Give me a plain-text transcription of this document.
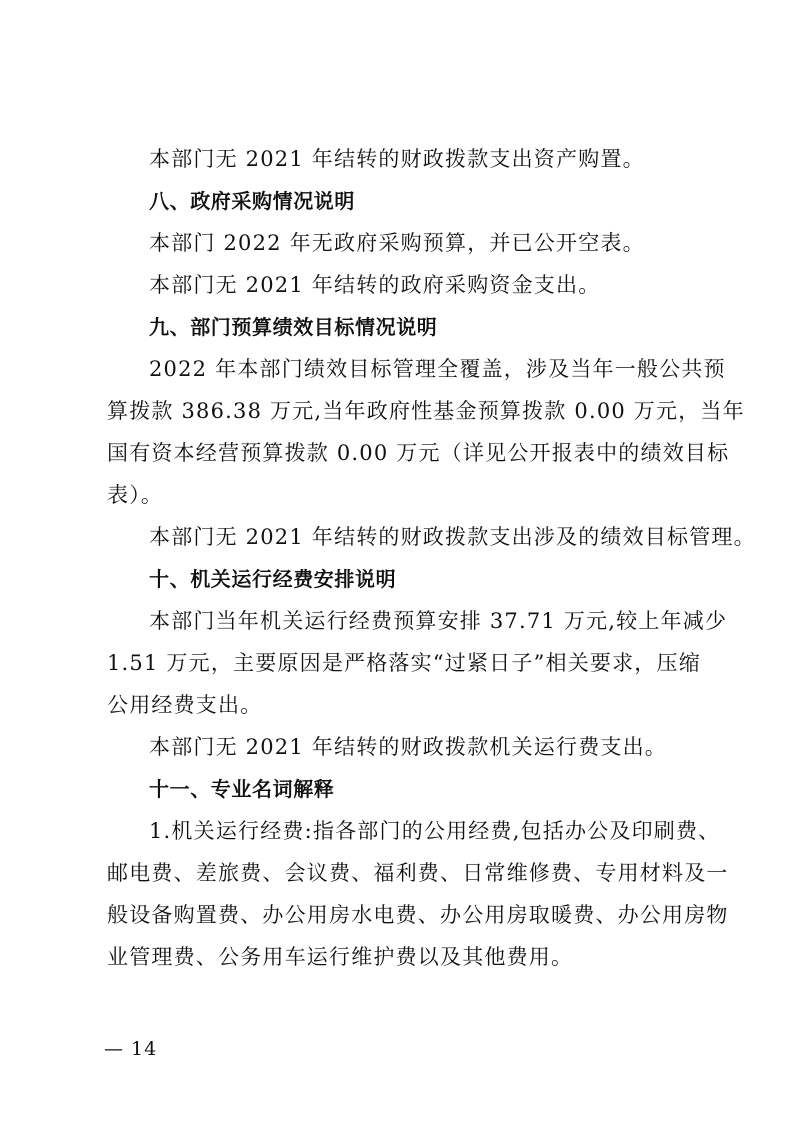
本部门无 2021 年结转的财政拨款支出资产购置。
八、政府采购情况说明
本部门 2022 年无政府采购预算，并已公开空表。
本部门无 2021 年结转的政府采购资金支出。
九、部门预算绩效目标情况说明
2022 年本部门绩效目标管理全覆盖，涉及当年一般公共预
算拨款 386.38 万元,当年政府性基金预算拨款 0.00 万元，当年
国有资本经营预算拨款 0.00 万元（详见公开报表中的绩效目标
表）。
本部门无 2021 年结转的财政拨款支出涉及的绩效目标管理。
十、机关运行经费安排说明
本部门当年机关运行经费预算安排 37.71 万元,较上年减少
1.51 万元，主要原因是严格落实“过紧日子”相关要求，压缩
公用经费支出。
本部门无 2021 年结转的财政拨款机关运行费支出。
十一、专业名词解释
1.机关运行经费:指各部门的公用经费,包括办公及印刷费、
邮电费、差旅费、会议费、福利费、日常维修费、专用材料及一
般设备购置费、办公用房水电费、办公用房取暖费、办公用房物
业管理费、公务用车运行维护费以及其他费用。
— 14
